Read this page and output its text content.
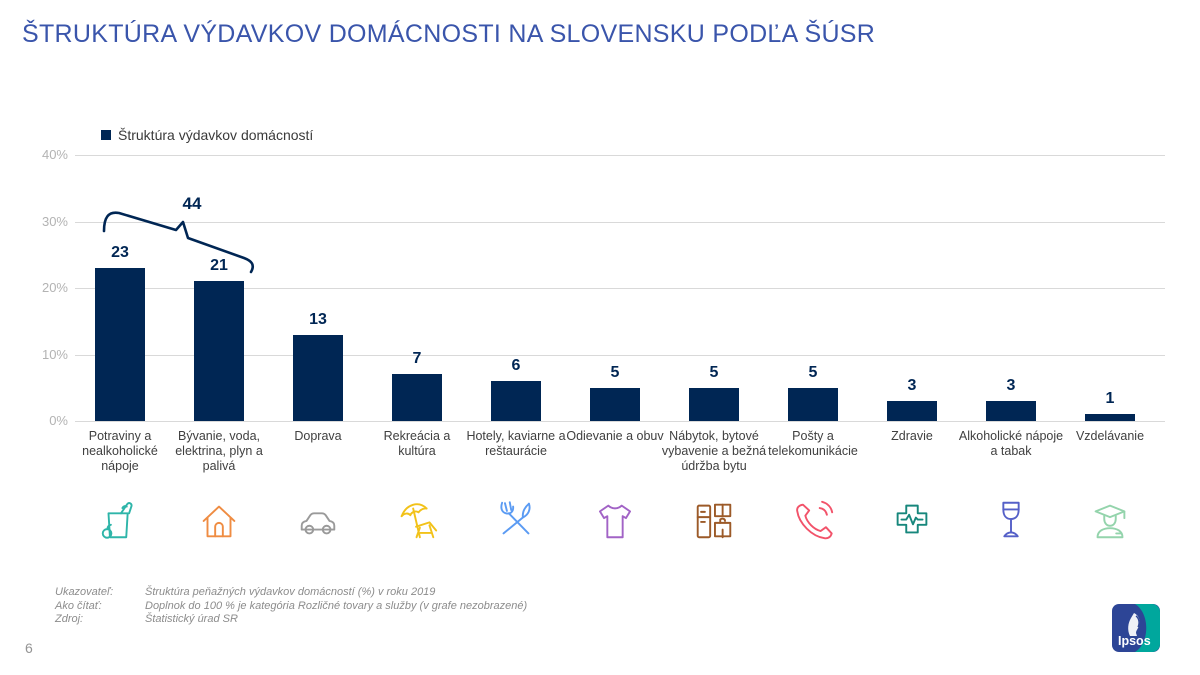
ŠTRUKTÚRA VÝDAVKOV DOMÁCNOSTI NA SLOVENSKU PODĽA ŠÚSR
Štruktúra výdavkov domácností
0%
10%
20%
30%
40%
23
Potraviny a nealkoholické nápoje
21
Bývanie, voda, elektrina, plyn a palivá
13
Doprava
7
Rekreácia a kultúra
6
Hotely, kaviarne a reštaurácie
5
Odievanie a obuv
5
Nábytok, bytové vybavenie a bežná údržba bytu
5
Pošty a telekomunikácie
3
Zdravie
3
Alkoholické nápoje a tabak
1
Vzdelávanie
44
Ukazovateľ:	Štruktúra peňažných výdavkov domácností (%) v roku 2019
Ako čítať:	Doplnok do 100 % je kategória Rozličné tovary a služby (v grafe nezobrazené)
Zdroj:	Štatistický úrad SR
6	Ipsos
